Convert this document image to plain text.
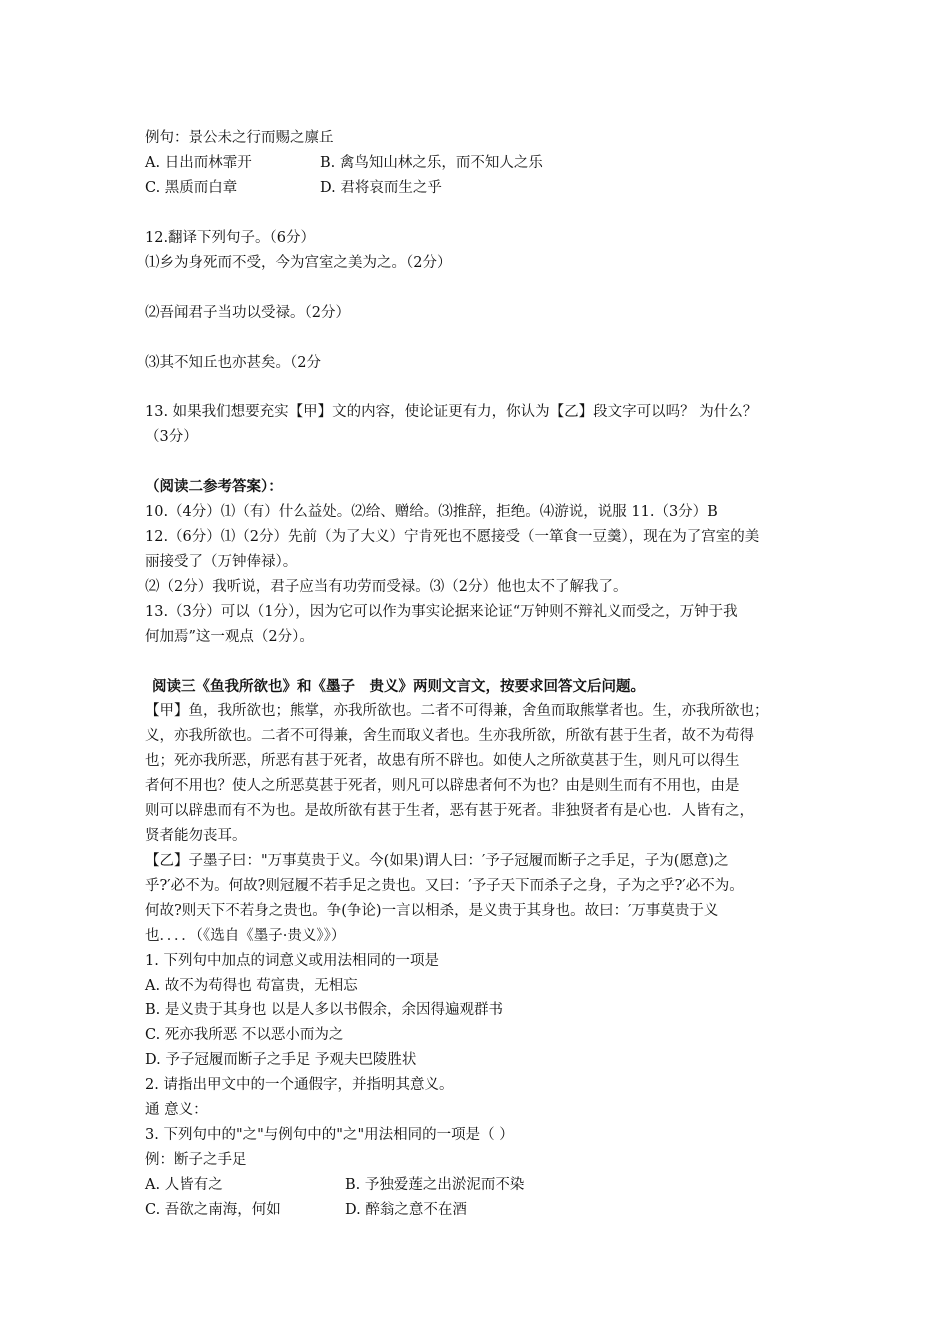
例句：景公未之行而赐之廪丘
A. 日出而林霏开	B. 禽鸟知山林之乐，而不知人之乐
C. 黑质而白章	D. 君将哀而生之乎
12.翻译下列句子。（6分）
⑴乡为身死而不受，今为宫室之美为之。（2分）
⑵吾闻君子当功以受禄。（2分）
⑶其不知丘也亦甚矣。（2分
13. 如果我们想要充实【甲】文的内容，使论证更有力，你认为【乙】段文字可以吗？ 为什么？
（3分）
（阅读二参考答案）：
10.（4分）⑴（有）什么益处。⑵给、赠给。⑶推辞，拒绝。⑷游说，说服 11.（3分）B
12.（6分）⑴（2分）先前（为了大义）宁肯死也不愿接受（一箪食一豆羹），现在为了宫室的美
丽接受了（万钟俸禄）。
⑵（2分）我听说，君子应当有功劳而受禄。⑶（2分）他也太不了解我了。
13.（3分）可以（1分），因为它可以作为事实论据来论证“万钟则不辩礼义而受之，万钟于我
何加焉”这一观点（2分）。
阅读三《鱼我所欲也》和《墨子　贵义》两则文言文，按要求回答文后问题。
【甲】鱼，我所欲也；熊掌，亦我所欲也。二者不可得兼，舍鱼而取熊掌者也。生，亦我所欲也；
义，亦我所欲也。二者不可得兼，舍生而取义者也。生亦我所欲，所欲有甚于生者，故不为苟得
也；死亦我所恶，所恶有甚于死者，故患有所不辟也。如使人之所欲莫甚于生，则凡可以得生
者何不用也？使人之所恶莫甚于死者，则凡可以辟患者何不为也？由是则生而有不用也，由是
则可以辟患而有不为也。是故所欲有甚于生者，恶有甚于死者。非独贤者有是心也．人皆有之，
贤者能勿丧耳。
【乙】子墨子曰："万事莫贵于义。今(如果)谓人曰：′予子冠履而断子之手足，子为(愿意)之
乎?′必不为。何故?则冠履不若手足之贵也。又曰：′予子天下而杀子之身，子为之乎?′必不为。
何故?则天下不若身之贵也。争(争论)一言以相杀，是义贵于其身也。故曰：′万事莫贵于义
也．．．．（《选自《墨子·贵义》》）
1. 下列句中加点的词意义或用法相同的一项是
A. 故不为苟得也 苟富贵，无相忘
B. 是义贵于其身也 以是人多以书假余，余因得遍观群书
C. 死亦我所恶 不以恶小而为之
D. 予子冠履而断子之手足 予观夫巴陵胜状
2. 请指出甲文中的一个通假字，并指明其意义。
通 意义：
3. 下列句中的"之"与例句中的"之"用法相同的一项是（ ）
例：断子之手足
A. 人皆有之	B. 予独爱莲之出淤泥而不染
C. 吾欲之南海，何如	D. 醉翁之意不在酒
